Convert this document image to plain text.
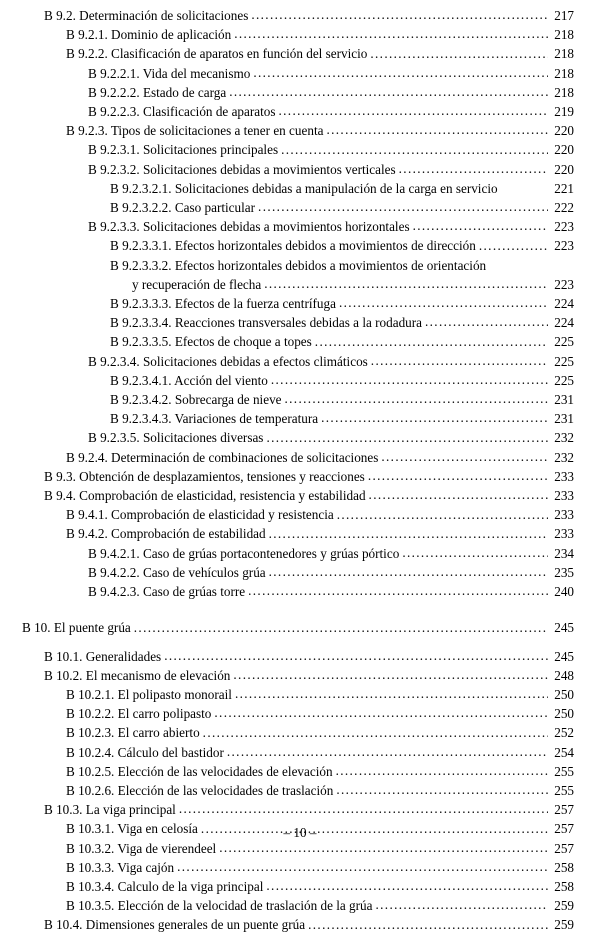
B 9.2. Determinación de solicitaciones .....	217
B 9.2.1. Dominio de aplicación .....	218
B 9.2.2. Clasificación de aparatos en función del servicio .....	218
B 9.2.2.1. Vida del mecanismo .....	218
B 9.2.2.2. Estado de carga .....	218
B 9.2.2.3. Clasificación de aparatos .....	219
B 9.2.3. Tipos de solicitaciones a tener en cuenta .....	220
B 9.2.3.1. Solicitaciones principales .....	220
B 9.2.3.2. Solicitaciones debidas a movimientos verticales .....	220
B 9.2.3.2.1. Solicitaciones debidas a manipulación de la carga en servicio	221
B 9.2.3.2.2. Caso particular .....	222
B 9.2.3.3. Solicitaciones debidas a movimientos horizontales .....	223
B 9.2.3.3.1. Efectos horizontales debidos a movimientos de dirección .....	223
B 9.2.3.3.2. Efectos horizontales debidos a movimientos de orientación
y recuperación de flecha .....	223
B 9.2.3.3.3. Efectos de la fuerza centrífuga .....	224
B 9.2.3.3.4. Reacciones transversales debidas a la rodadura .....	224
B 9.2.3.3.5. Efectos de choque a topes .....	225
B 9.2.3.4. Solicitaciones debidas a efectos climáticos .....	225
B 9.2.3.4.1. Acción del viento .....	225
B 9.2.3.4.2. Sobrecarga de nieve .....	231
B 9.2.3.4.3. Variaciones de temperatura .....	231
B 9.2.3.5. Solicitaciones diversas .....	232
B 9.2.4. Determinación de combinaciones de solicitaciones .....	232
B 9.3. Obtención de desplazamientos, tensiones y reacciones .....	233
B 9.4. Comprobación de elasticidad, resistencia y estabilidad .....	233
B 9.4.1. Comprobación de elasticidad y resistencia .....	233
B 9.4.2. Comprobación de estabilidad .....	233
B 9.4.2.1. Caso de grúas portacontenedores y grúas pórtico .....	234
B 9.4.2.2. Caso de vehículos grúa .....	235
B 9.4.2.3. Caso de grúas torre .....	240
B 10. El puente grúa .....	245
B 10.1. Generalidades .....	245
B 10.2. El mecanismo de elevación .....	248
B 10.2.1. El polipasto monorail .....	250
B 10.2.2. El carro polipasto .....	250
B 10.2.3. El carro abierto .....	252
B 10.2.4. Cálculo del bastidor .....	254
B 10.2.5. Elección de las velocidades de elevación .....	255
B 10.2.6. Elección de las velocidades de traslación .....	255
B 10.3. La viga principal .....	257
B 10.3.1. Viga en celosía .....	257
B 10.3.2. Viga de vierendeel .....	257
B 10.3.3. Viga cajón .....	258
B 10.3.4. Calculo de la viga principal .....	258
B 10.3.5. Elección de la velocidad de traslación de la grúa .....	259
B 10.4. Dimensiones generales de un puente grúa .....	259
– 10 –
